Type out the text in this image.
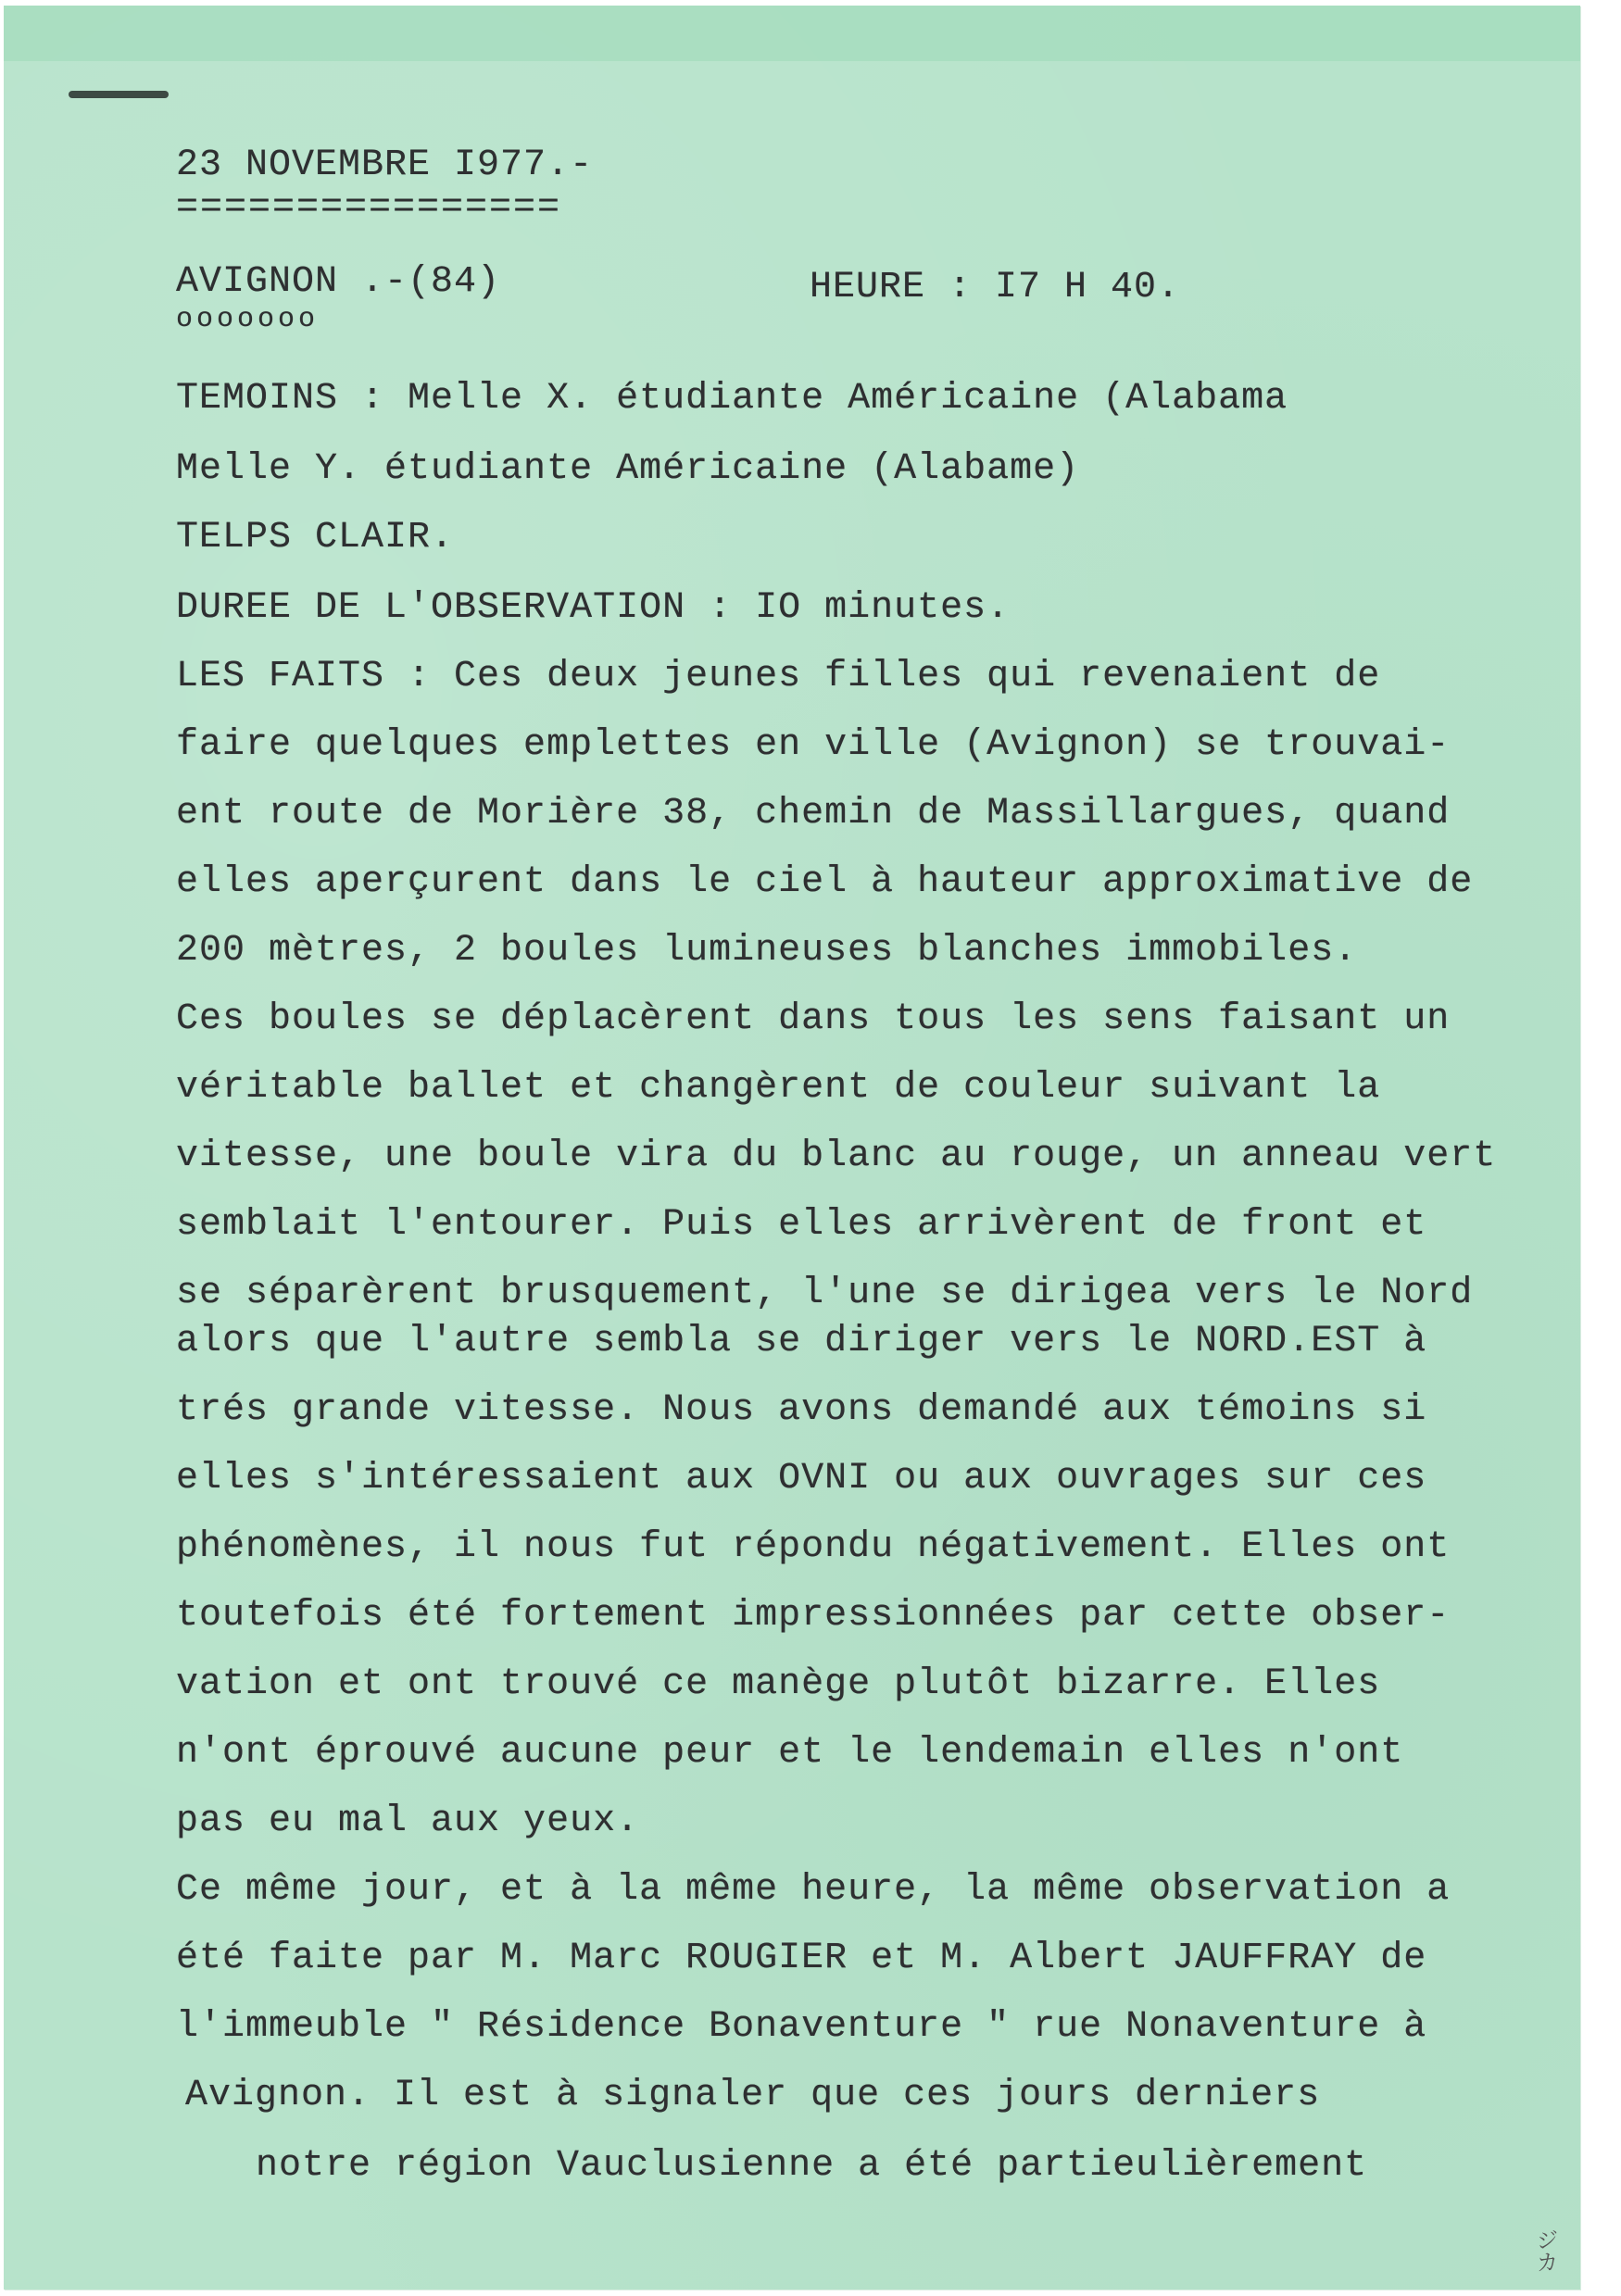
23 NOVEMBRE I977.-

================

AVIGNON .-(84)

ooooooo

HEURE : I7 H 40.

TEMOINS : Melle X. étudiante Américaine (Alabama

Melle Y. étudiante Américaine (Alabame)

TELPS CLAIR.

DUREE DE L'OBSERVATION : IO minutes.

LES FAITS : Ces deux jeunes filles qui revenaient de

faire quelques emplettes en ville (Avignon) se trouvai-

ent route de Morière 38, chemin de Massillargues, quand

elles aperçurent dans le ciel à hauteur approximative de

200 mètres, 2 boules lumineuses blanches immobiles.

Ces boules se déplacèrent dans tous les sens faisant un

véritable ballet et changèrent de couleur suivant la

vitesse, une boule vira du blanc au rouge, un anneau vert

semblait l'entourer. Puis elles arrivèrent de front et

se séparèrent brusquement, l'une se dirigea vers le Nord

alors que l'autre sembla se diriger vers le NORD.EST à

trés grande vitesse. Nous avons demandé aux témoins si

elles s'intéressaient aux OVNI ou aux ouvrages sur ces

phénomènes, il nous fut répondu négativement. Elles ont

toutefois été fortement impressionnées par cette obser-

vation et ont trouvé ce manège plutôt bizarre. Elles

n'ont éprouvé aucune peur et le lendemain elles n'ont

pas eu mal aux yeux.

Ce même jour, et à la même heure, la même observation a

été faite par M. Marc ROUGIER et M. Albert JAUFFRAY de

l'immeuble " Résidence Bonaventure " rue Nonaventure à

Avignon. Il est à signaler que ces jours derniers

notre région Vauclusienne a été partieulièrement

ジカ
